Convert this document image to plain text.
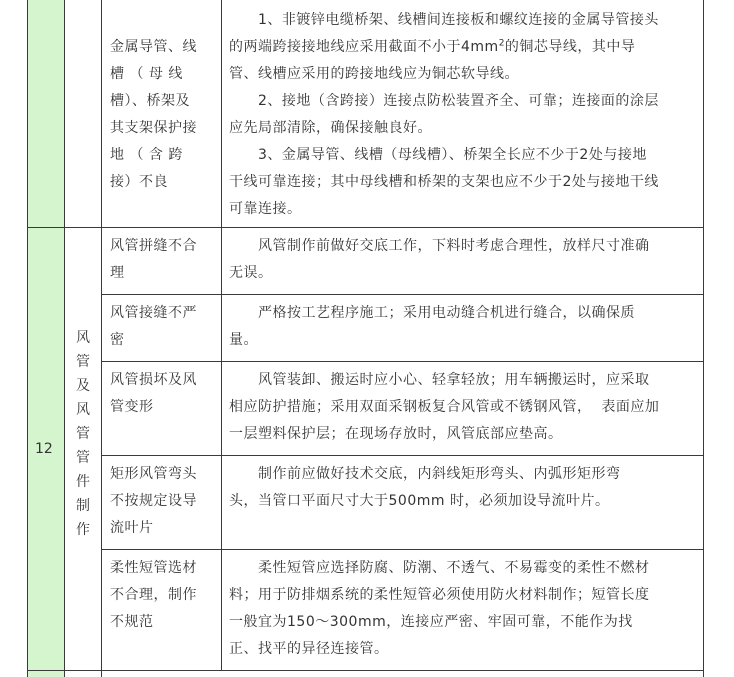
12
风
管
及
风
管
管
件
制
作
金属导管、线
槽 （ 母 线
槽）、桥架及
其支架保护接
地 （ 含 跨
接）不良
　　1、非镀锌电缆桥架、线槽间连接板和螺纹连接的金属导管接头
的两端跨接接地线应采用截面不小于$4mm^2$的铜芯导线，其中导
管、线槽应采用的跨接地线应为铜芯软导线。
　　2、接地（含跨接）连接点防松装置齐全、可靠；连接面的涂层
应先局部清除，确保接触良好。
　　3、金属导管、线槽（母线槽）、桥架全长应不少于2处与接地
干线可靠连接；其中母线槽和桥架的支架也应不少于2处与接地干线
可靠连接。
风管拼缝不合
理
　　风管制作前做好交底工作，下料时考虑合理性，放样尺寸准确
无误。
风管接缝不严
密
　　严格按工艺程序施工；采用电动缝合机进行缝合，以确保质
量。
风管损坏及风
管变形
　　风管装卸、搬运时应小心、轻拿轻放；用车辆搬运时，应采取
相应防护措施；采用双面采钢板复合风管或不锈钢风管，  表面应加
一层塑料保护层；在现场存放时，风管底部应垫高。
矩形风管弯头
不按规定设导
流叶片
　　制作前应做好技术交底，内斜线矩形弯头、内弧形矩形弯
头，当管口平面尺寸大于500mm 时，必须加设导流叶片。
柔性短管选材
不合理，制作
不规范
　　柔性短管应选择防腐、防潮、不透气、不易霉变的柔性不燃材
料；用于防排烟系统的柔性短管必须使用防火材料制作；短管长度
一般宜为150～300mm，连接应严密、牢固可靠，不能作为找
正、找平的异径连接管。
